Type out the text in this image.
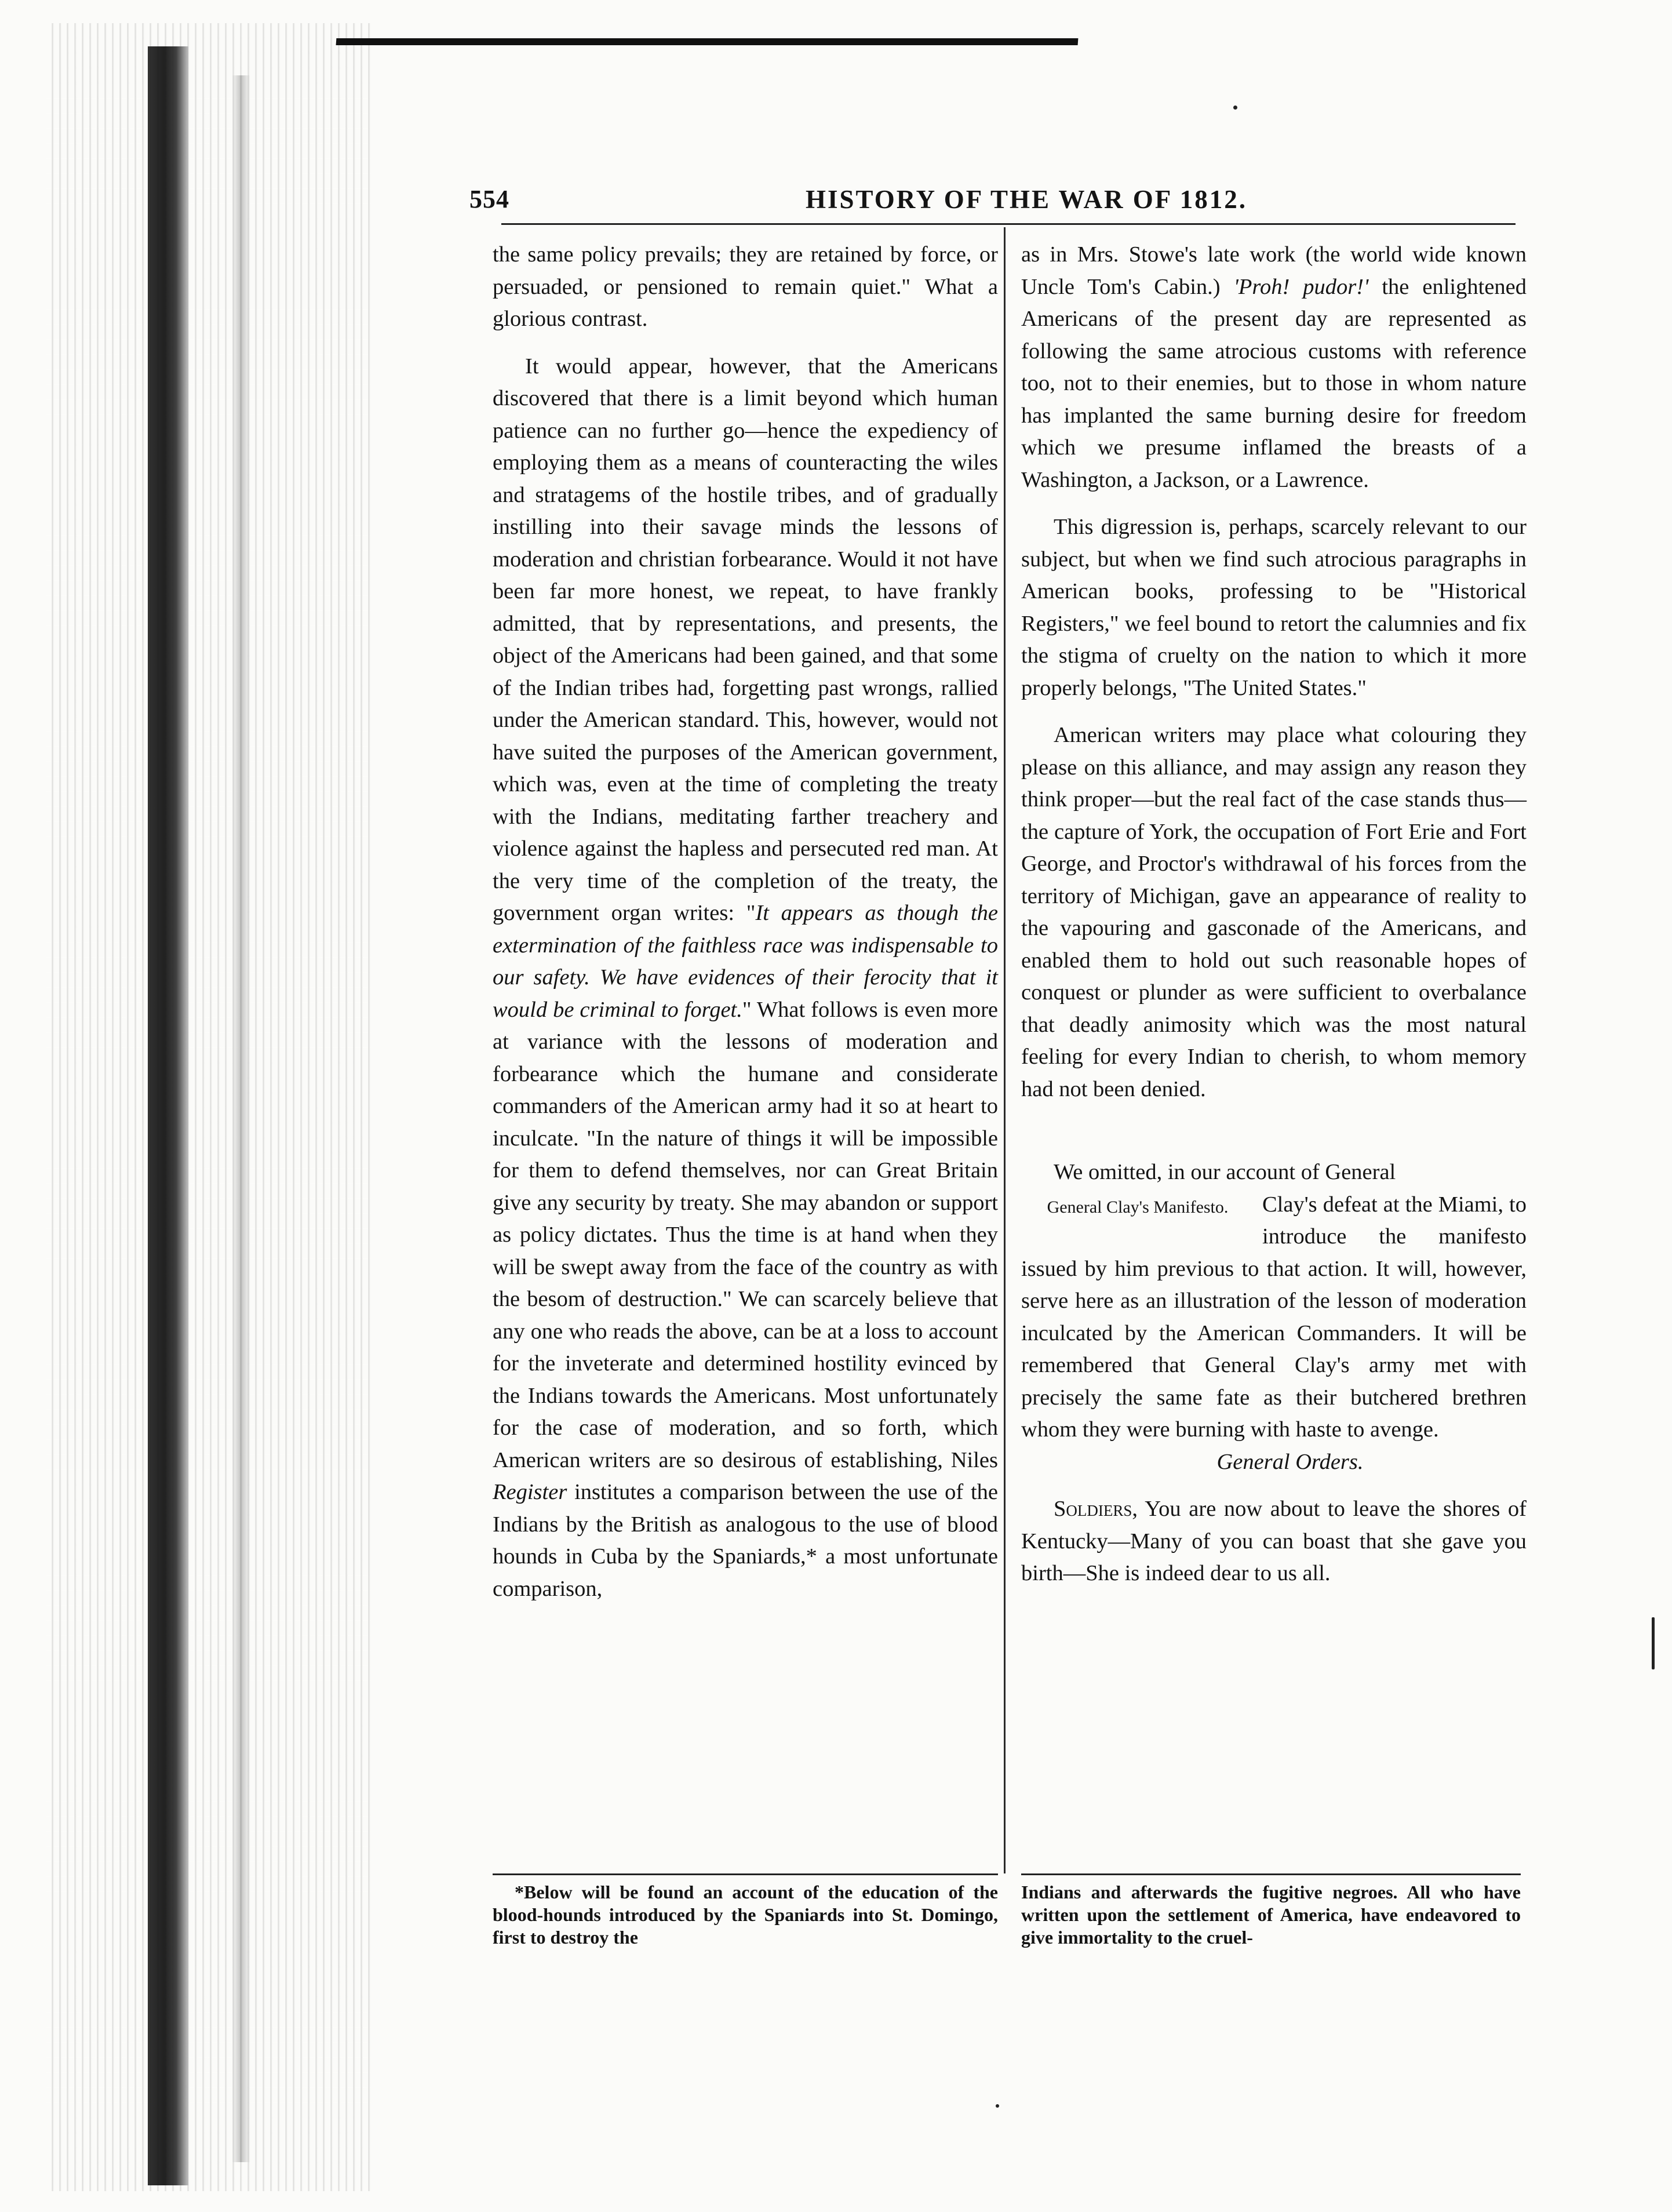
554	HISTORY OF THE WAR OF 1812.

the same policy prevails; they are retained by force, or persuaded, or pensioned to remain quiet." What a glorious contrast.

It would appear, however, that the Americans discovered that there is a limit beyond which human patience can no further go—hence the expediency of employing them as a means of counteracting the wiles and stratagems of the hostile tribes, and of gradually instilling into their savage minds the lessons of moderation and christian forbearance. Would it not have been far more honest, we repeat, to have frankly admitted, that by representations, and presents, the object of the Americans had been gained, and that some of the Indian tribes had, forgetting past wrongs, rallied under the American standard. This, however, would not have suited the purposes of the American government, which was, even at the time of completing the treaty with the Indians, meditating farther treachery and violence against the hapless and persecuted red man. At the very time of the completion of the treaty, the government organ writes: "It appears as though the extermination of the faithless race was indispensable to our safety. We have evidences of their ferocity that it would be criminal to forget." What follows is even more at variance with the lessons of moderation and forbearance which the humane and considerate commanders of the American army had it so at heart to inculcate. "In the nature of things it will be impossible for them to defend themselves, nor can Great Britain give any security by treaty. She may abandon or support as policy dictates. Thus the time is at hand when they will be swept away from the face of the country as with the besom of destruction." We can scarcely believe that any one who reads the above, can be at a loss to account for the inveterate and determined hostility evinced by the Indians towards the Americans. Most unfortunately for the case of moderation, and so forth, which American writers are so desirous of establishing, Niles Register institutes a comparison between the use of the Indians by the British as analogous to the use of blood hounds in Cuba by the Spaniards,* a most unfortunate comparison,

as in Mrs. Stowe's late work (the world wide known Uncle Tom's Cabin.) 'Proh! pudor!' the enlightened Americans of the present day are represented as following the same atrocious customs with reference too, not to their enemies, but to those in whom nature has implanted the same burning desire for freedom which we presume inflamed the breasts of a Washington, a Jackson, or a Lawrence.

This digression is, perhaps, scarcely relevant to our subject, but when we find such atrocious paragraphs in American books, professing to be "Historical Registers," we feel bound to retort the calumnies and fix the stigma of cruelty on the nation to which it more properly belongs, "The United States."

American writers may place what colouring they please on this alliance, and may assign any reason they think proper—but the real fact of the case stands thus—the capture of York, the occupation of Fort Erie and Fort George, and Proctor's withdrawal of his forces from the territory of Michigan, gave an appearance of reality to the vapouring and gasconade of the Americans, and enabled them to hold out such reasonable hopes of conquest or plunder as were sufficient to overbalance that deadly animosity which was the most natural feeling for every Indian to cherish, to whom memory had not been denied.

We omitted, in our account of General

General Clay's Manifesto.	Clay's defeat at the Miami, to introduce the manifesto issued by him previous to that action. It will, however, serve here as an illustration of the lesson of moderation inculcated by the American Commanders. It will be remembered that General Clay's army met with precisely the same fate as their butchered brethren whom they were burning with haste to avenge.

General Orders.

Soldiers, You are now about to leave the shores of Kentucky—Many of you can boast that she gave you birth—She is indeed dear to us all.

*Below will be found an account of the education of the blood-hounds introduced by the Spaniards into St. Domingo, first to destroy the
Indians and afterwards the fugitive negroes. All who have written upon the settlement of America, have endeavored to give immortality to the cruel-
